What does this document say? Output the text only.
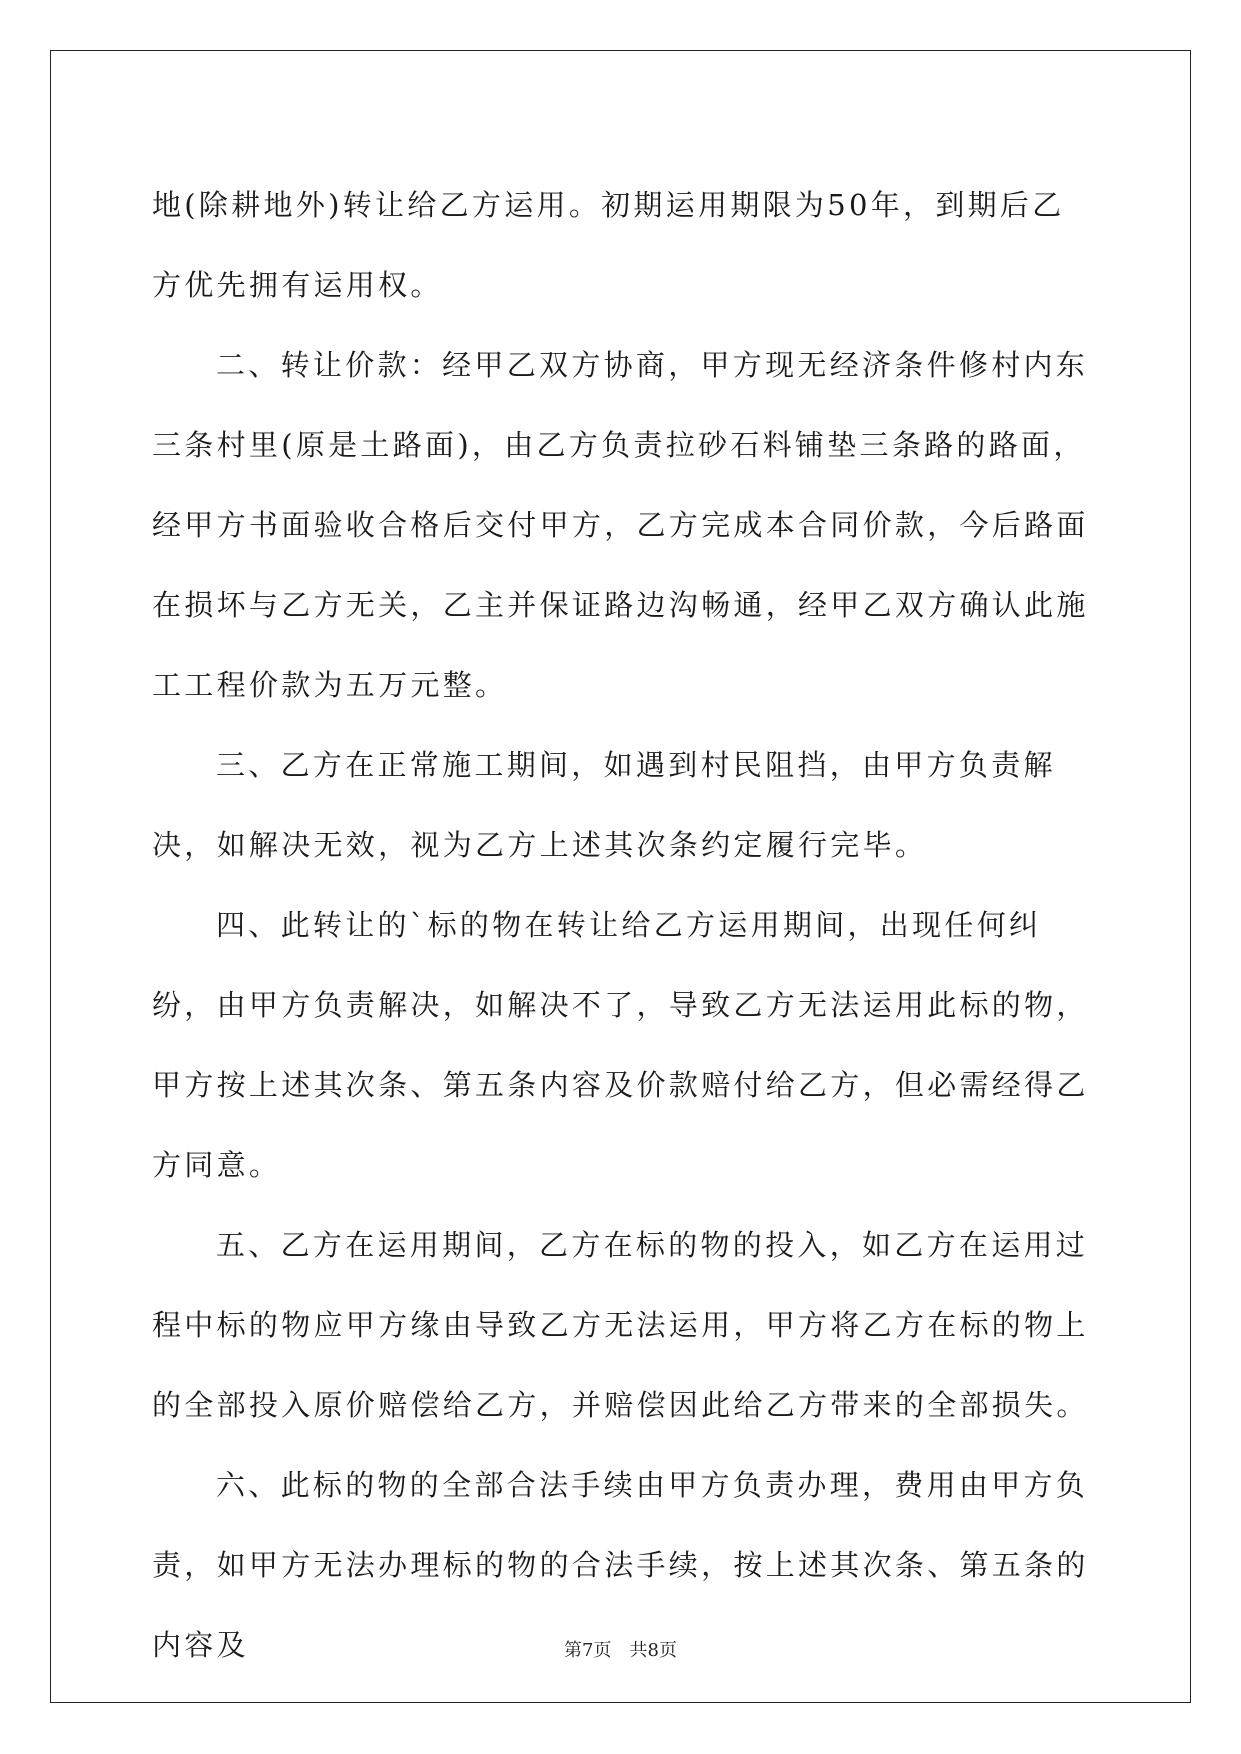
地(除耕地外)转让给乙方运用。初期运用期限为50年，到期后乙方优先拥有运用权。

二、转让价款：经甲乙双方协商，甲方现无经济条件修村内东三条村里(原是土路面)，由乙方负责拉砂石料铺垫三条路的路面，经甲方书面验收合格后交付甲方，乙方完成本合同价款，今后路面在损坏与乙方无关，乙主并保证路边沟畅通，经甲乙双方确认此施工工程价款为五万元整。

三、乙方在正常施工期间，如遇到村民阻挡，由甲方负责解决，如解决无效，视为乙方上述其次条约定履行完毕。

四、此转让的`标的物在转让给乙方运用期间，出现任何纠纷，由甲方负责解决，如解决不了，导致乙方无法运用此标的物，甲方按上述其次条、第五条内容及价款赔付给乙方，但必需经得乙方同意。

五、乙方在运用期间，乙方在标的物的投入，如乙方在运用过程中标的物应甲方缘由导致乙方无法运用，甲方将乙方在标的物上的全部投入原价赔偿给乙方，并赔偿因此给乙方带来的全部损失。

六、此标的物的全部合法手续由甲方负责办理，费用由甲方负责，如甲方无法办理标的物的合法手续，按上述其次条、第五条的内容及	第7页 共8页
